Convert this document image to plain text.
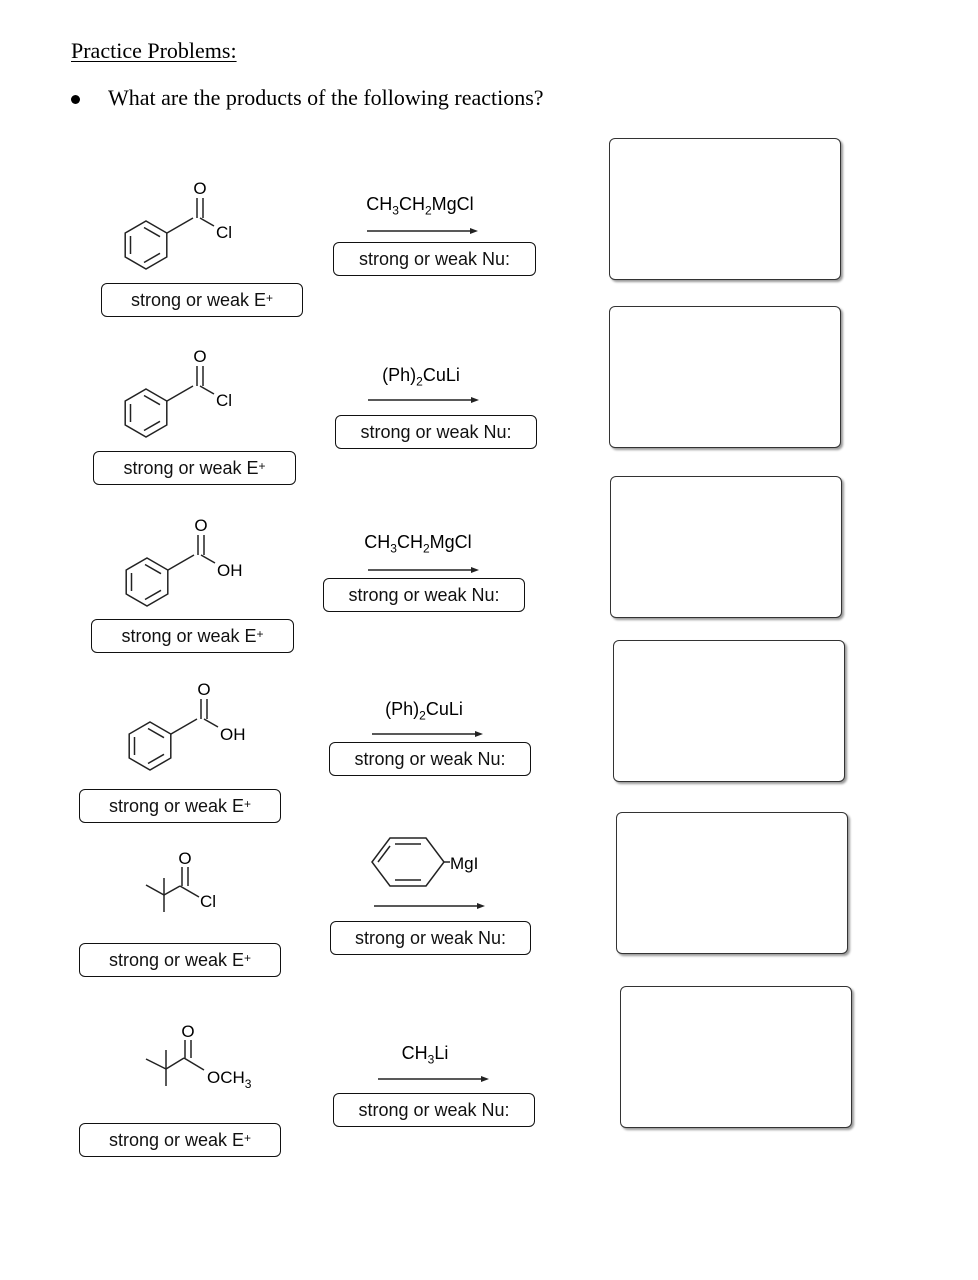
Practice Problems:
What are the products of the following reactions?
O
Cl
strong or weak E+
$CH_3CH_2MgCl$
strong or weak Nu:
O
Cl
strong or weak E+
$(Ph)_2CuLi$
strong or weak Nu:
O
OH
strong or weak E+
$CH_3CH_2MgCl$
strong or weak Nu:
O
OH
strong or weak E+
$(Ph)_2CuLi$
strong or weak Nu:
O
Cl
strong or weak E+
MgI
strong or weak Nu:
O
$OCH_3$
strong or weak E+
$CH_3Li$
strong or weak Nu:
